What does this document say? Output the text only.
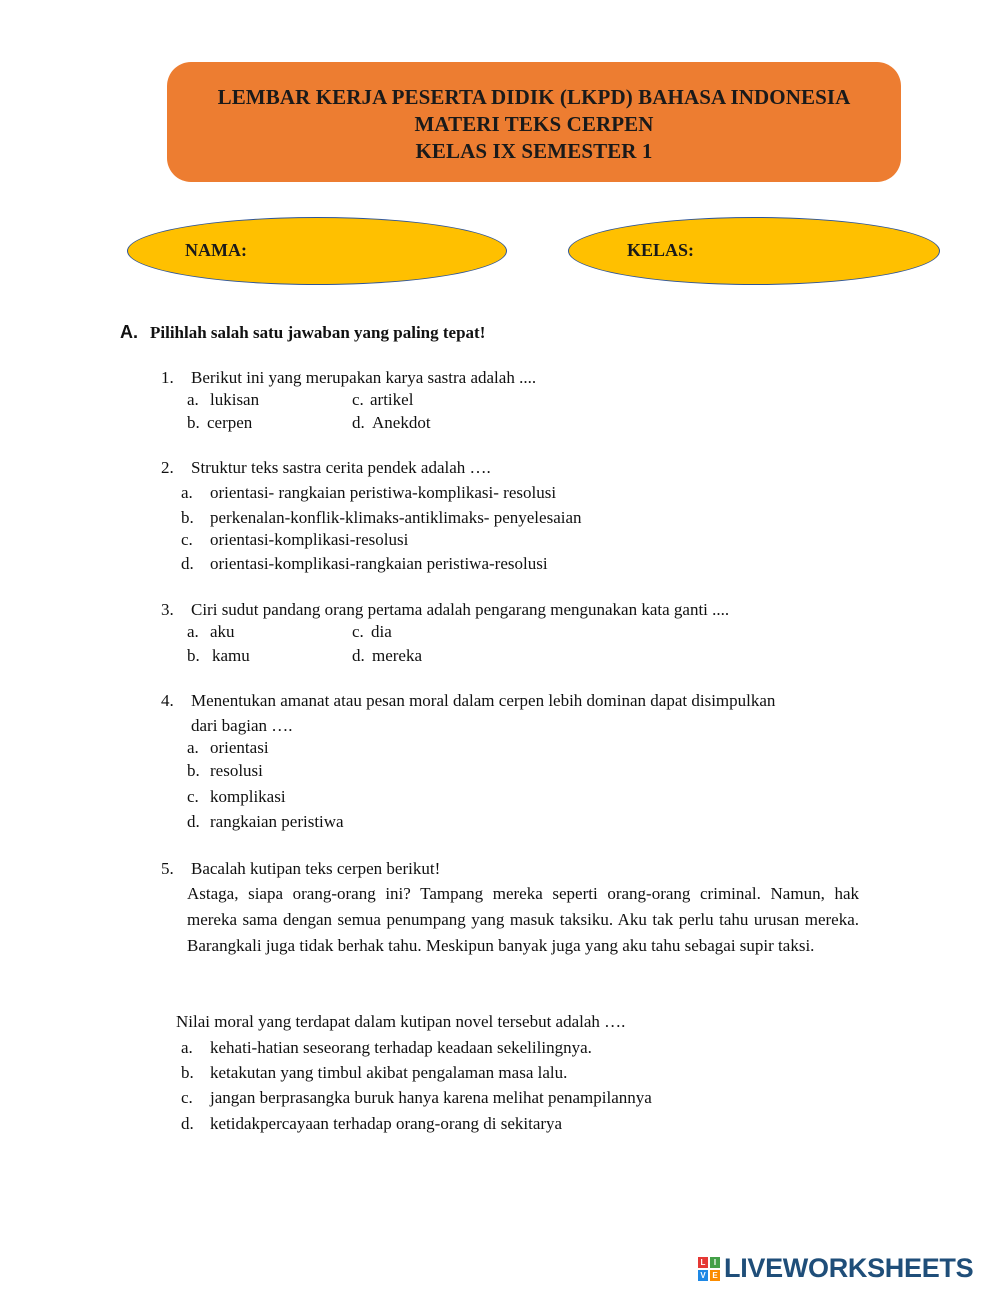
LEMBAR KERJA PESERTA DIDIK (LKPD) BAHASA INDONESIA
MATERI TEKS CERPEN
KELAS IX SEMESTER 1
NAMA:	KELAS:
A. Pilihlah salah satu jawaban yang paling tepat!
1. Berikut ini yang merupakan karya sastra adalah ....
a. lukisan	c. artikel
b. cerpen	d. Anekdot
2. Struktur teks sastra cerita pendek adalah ….
a. orientasi- rangkaian peristiwa-komplikasi- resolusi
b. perkenalan-konflik-klimaks-antiklimaks- penyelesaian
c. orientasi-komplikasi-resolusi
d. orientasi-komplikasi-rangkaian peristiwa-resolusi
3. Ciri sudut pandang orang pertama adalah pengarang mengunakan kata ganti ....
a. aku	c. dia
b. kamu	d. mereka
4. Menentukan amanat atau pesan moral dalam cerpen lebih dominan dapat disimpulkan
dari bagian ….
a. orientasi
b. resolusi
c. komplikasi
d. rangkaian peristiwa
5. Bacalah kutipan teks cerpen berikut!
Astaga, siapa orang-orang ini? Tampang mereka seperti orang-orang criminal. Namun, hak mereka sama dengan semua penumpang yang masuk taksiku. Aku tak perlu tahu urusan mereka. Barangkali juga tidak berhak tahu. Meskipun banyak juga yang aku tahu sebagai supir taksi.
Nilai moral yang terdapat dalam kutipan novel tersebut adalah ….
a. kehati-hatian seseorang terhadap keadaan sekelilingnya.
b. ketakutan yang timbul akibat pengalaman masa lalu.
c. jangan berprasangka buruk hanya karena melihat penampilannya
d. ketidakpercayaan terhadap orang-orang di sekitarya
L	I
V E LIVEWORKSHEETS
